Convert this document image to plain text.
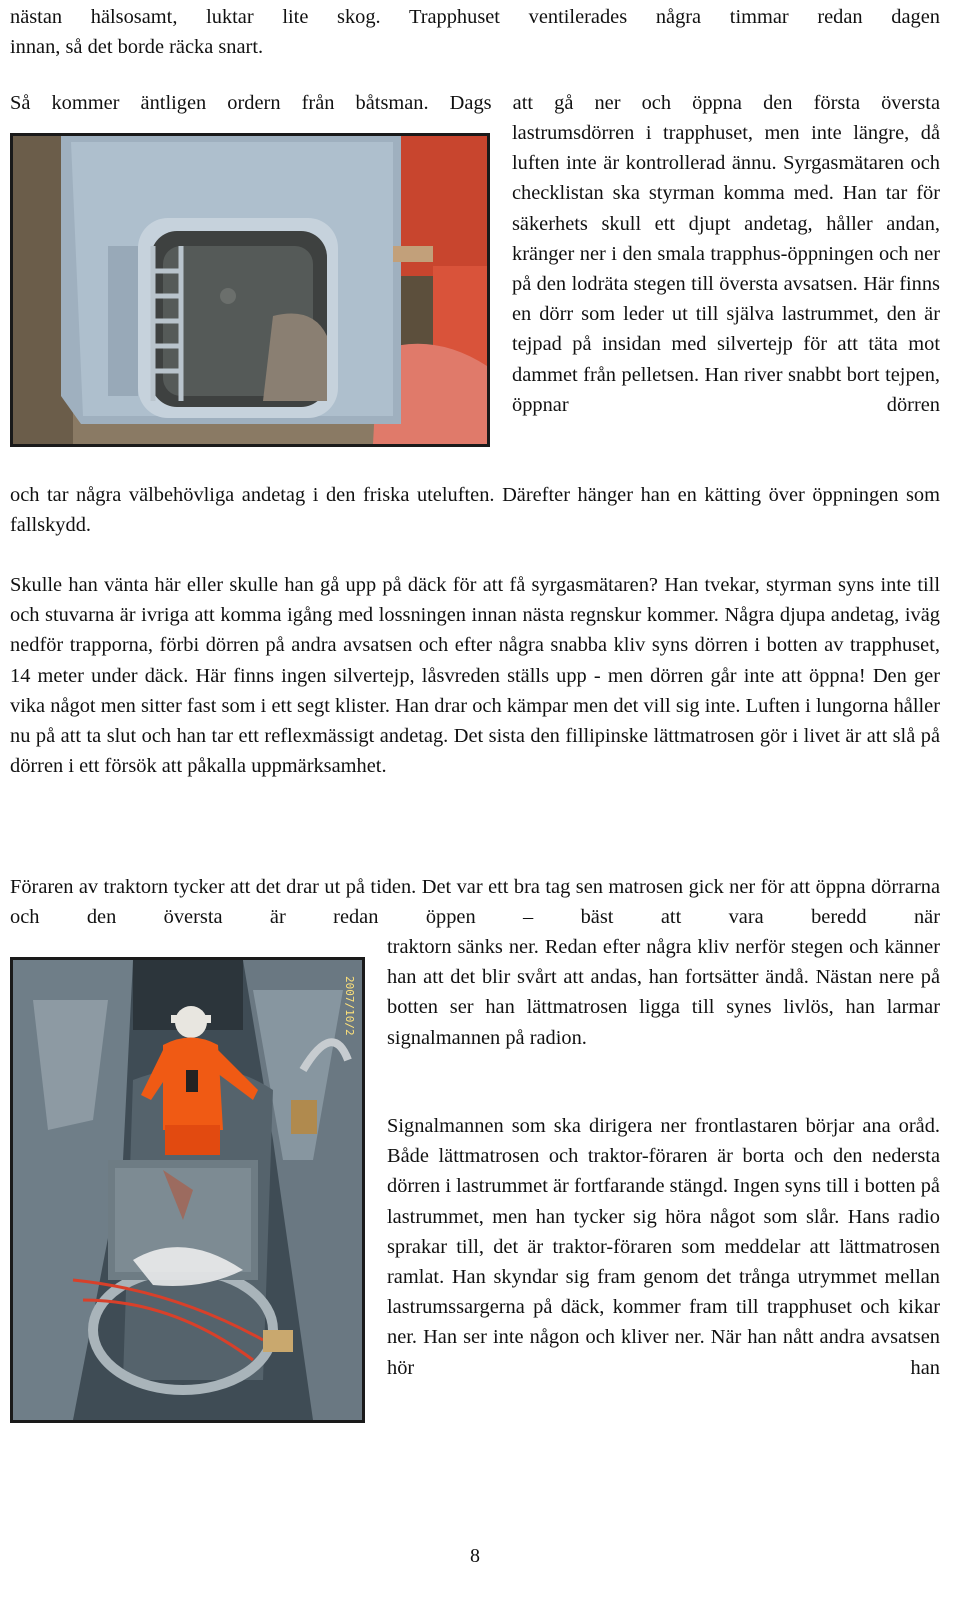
nästan hälsosamt, luktar lite skog. Trapphuset ventilerades några timmar redan dagen

innan, så det borde räcka snart.

Så kommer äntligen ordern från båtsman. Dags att gå ner och öppna den första översta

lastrumsdörren i trapphuset, men inte längre, då luften inte är kontrollerad ännu. Syrgasmätaren och checklistan ska styrman komma med. Han tar för säkerhets skull ett djupt andetag, håller andan, kränger ner i den smala trapphus-öppningen och ner på den lodräta stegen till översta avsatsen. Här finns en dörr som leder ut till själva lastrummet, den är tejpad på insidan med silvertejp för att täta mot dammet från pelletsen. Han river snabbt bort tejpen, öppnar dörren

och tar några välbehövliga andetag i den friska uteluften. Därefter hänger han en kätting över öppningen som fallskydd.

Skulle han vänta här eller skulle han gå upp på däck för att få syrgasmätaren? Han tvekar, styrman syns inte till och stuvarna är ivriga att komma igång med lossningen innan nästa regnskur kommer. Några djupa andetag, iväg nedför trapporna, förbi dörren på andra avsatsen och efter några snabba kliv syns dörren i botten av trapphuset, 14 meter under däck. Här finns ingen silvertejp, låsvreden ställs upp - men dörren går inte att öppna! Den ger vika något men sitter fast som i ett segt klister. Han drar och kämpar men det vill sig inte. Luften i lungorna håller nu på att ta slut och han tar ett reflexmässigt andetag. Det sista den fillipinske lättmatrosen gör i livet är att slå på dörren i ett försök att påkalla uppmärksamhet.

Föraren av traktorn tycker att det drar ut på tiden. Det var ett bra tag sen matrosen gick ner för att öppna dörrarna och den översta är redan öppen – bäst att vara beredd när

2007/10/2

traktorn sänks ner. Redan efter några kliv nerför stegen och känner han att det blir svårt att andas, han fortsätter ändå. Nästan nere på botten ser han lättmatrosen ligga till synes livlös, han larmar signalmannen på radion.

Signalmannen som ska dirigera ner frontlastaren börjar ana oråd. Både lättmatrosen och traktor-föraren är borta och den nedersta dörren i lastrummet är fortfarande stängd. Ingen syns till i botten på lastrummet, men han tycker sig höra något som slår. Hans radio sprakar till, det är traktor-föraren som meddelar att lättmatrosen ramlat. Han skyndar sig fram genom det trånga utrymmet mellan lastrumssargerna på däck, kommer fram till trapphuset och kikar ner. Han ser inte någon och kliver ner. När han nått andra avsatsen hör han

8
